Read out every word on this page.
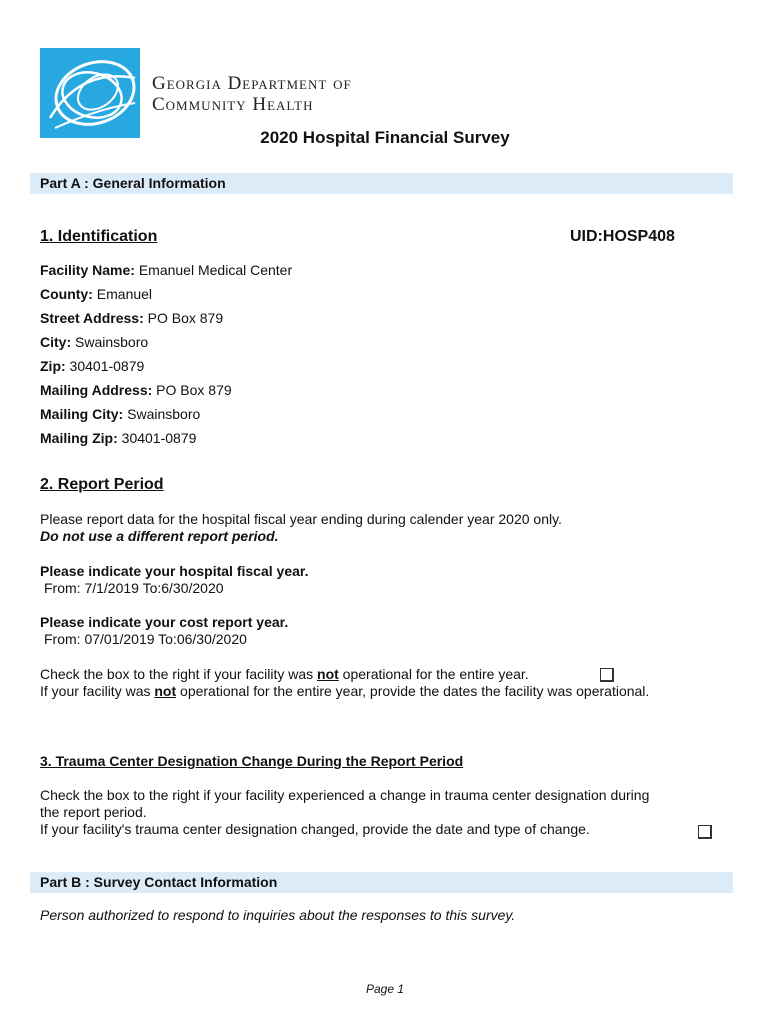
Georgia Department of
Community Health
2020 Hospital Financial Survey
Part A : General Information
1. Identification	UID:HOSP408
Facility Name: Emanuel Medical Center
County: Emanuel
Street Address: PO Box 879
City: Swainsboro
Zip: 30401-0879
Mailing Address: PO Box 879
Mailing City: Swainsboro
Mailing Zip: 30401-0879
2. Report Period
Please report data for the hospital fiscal year ending during calender year 2020 only.
Do not use a different report period.
Please indicate your hospital fiscal year.
From: 7/1/2019 To:6/30/2020
Please indicate your cost report year.
From: 07/01/2019 To:06/30/2020
Check the box to the right if your facility was not operational for the entire year.
If your facility was not operational for the entire year, provide the dates the facility was operational.
3. Trauma Center Designation Change During the Report Period
Check the box to the right if your facility experienced a change in trauma center designation during
the report period.
If your facility's trauma center designation changed, provide the date and type of change.
Part B : Survey Contact Information
Person authorized to respond to inquiries about the responses to this survey.
Page 1
